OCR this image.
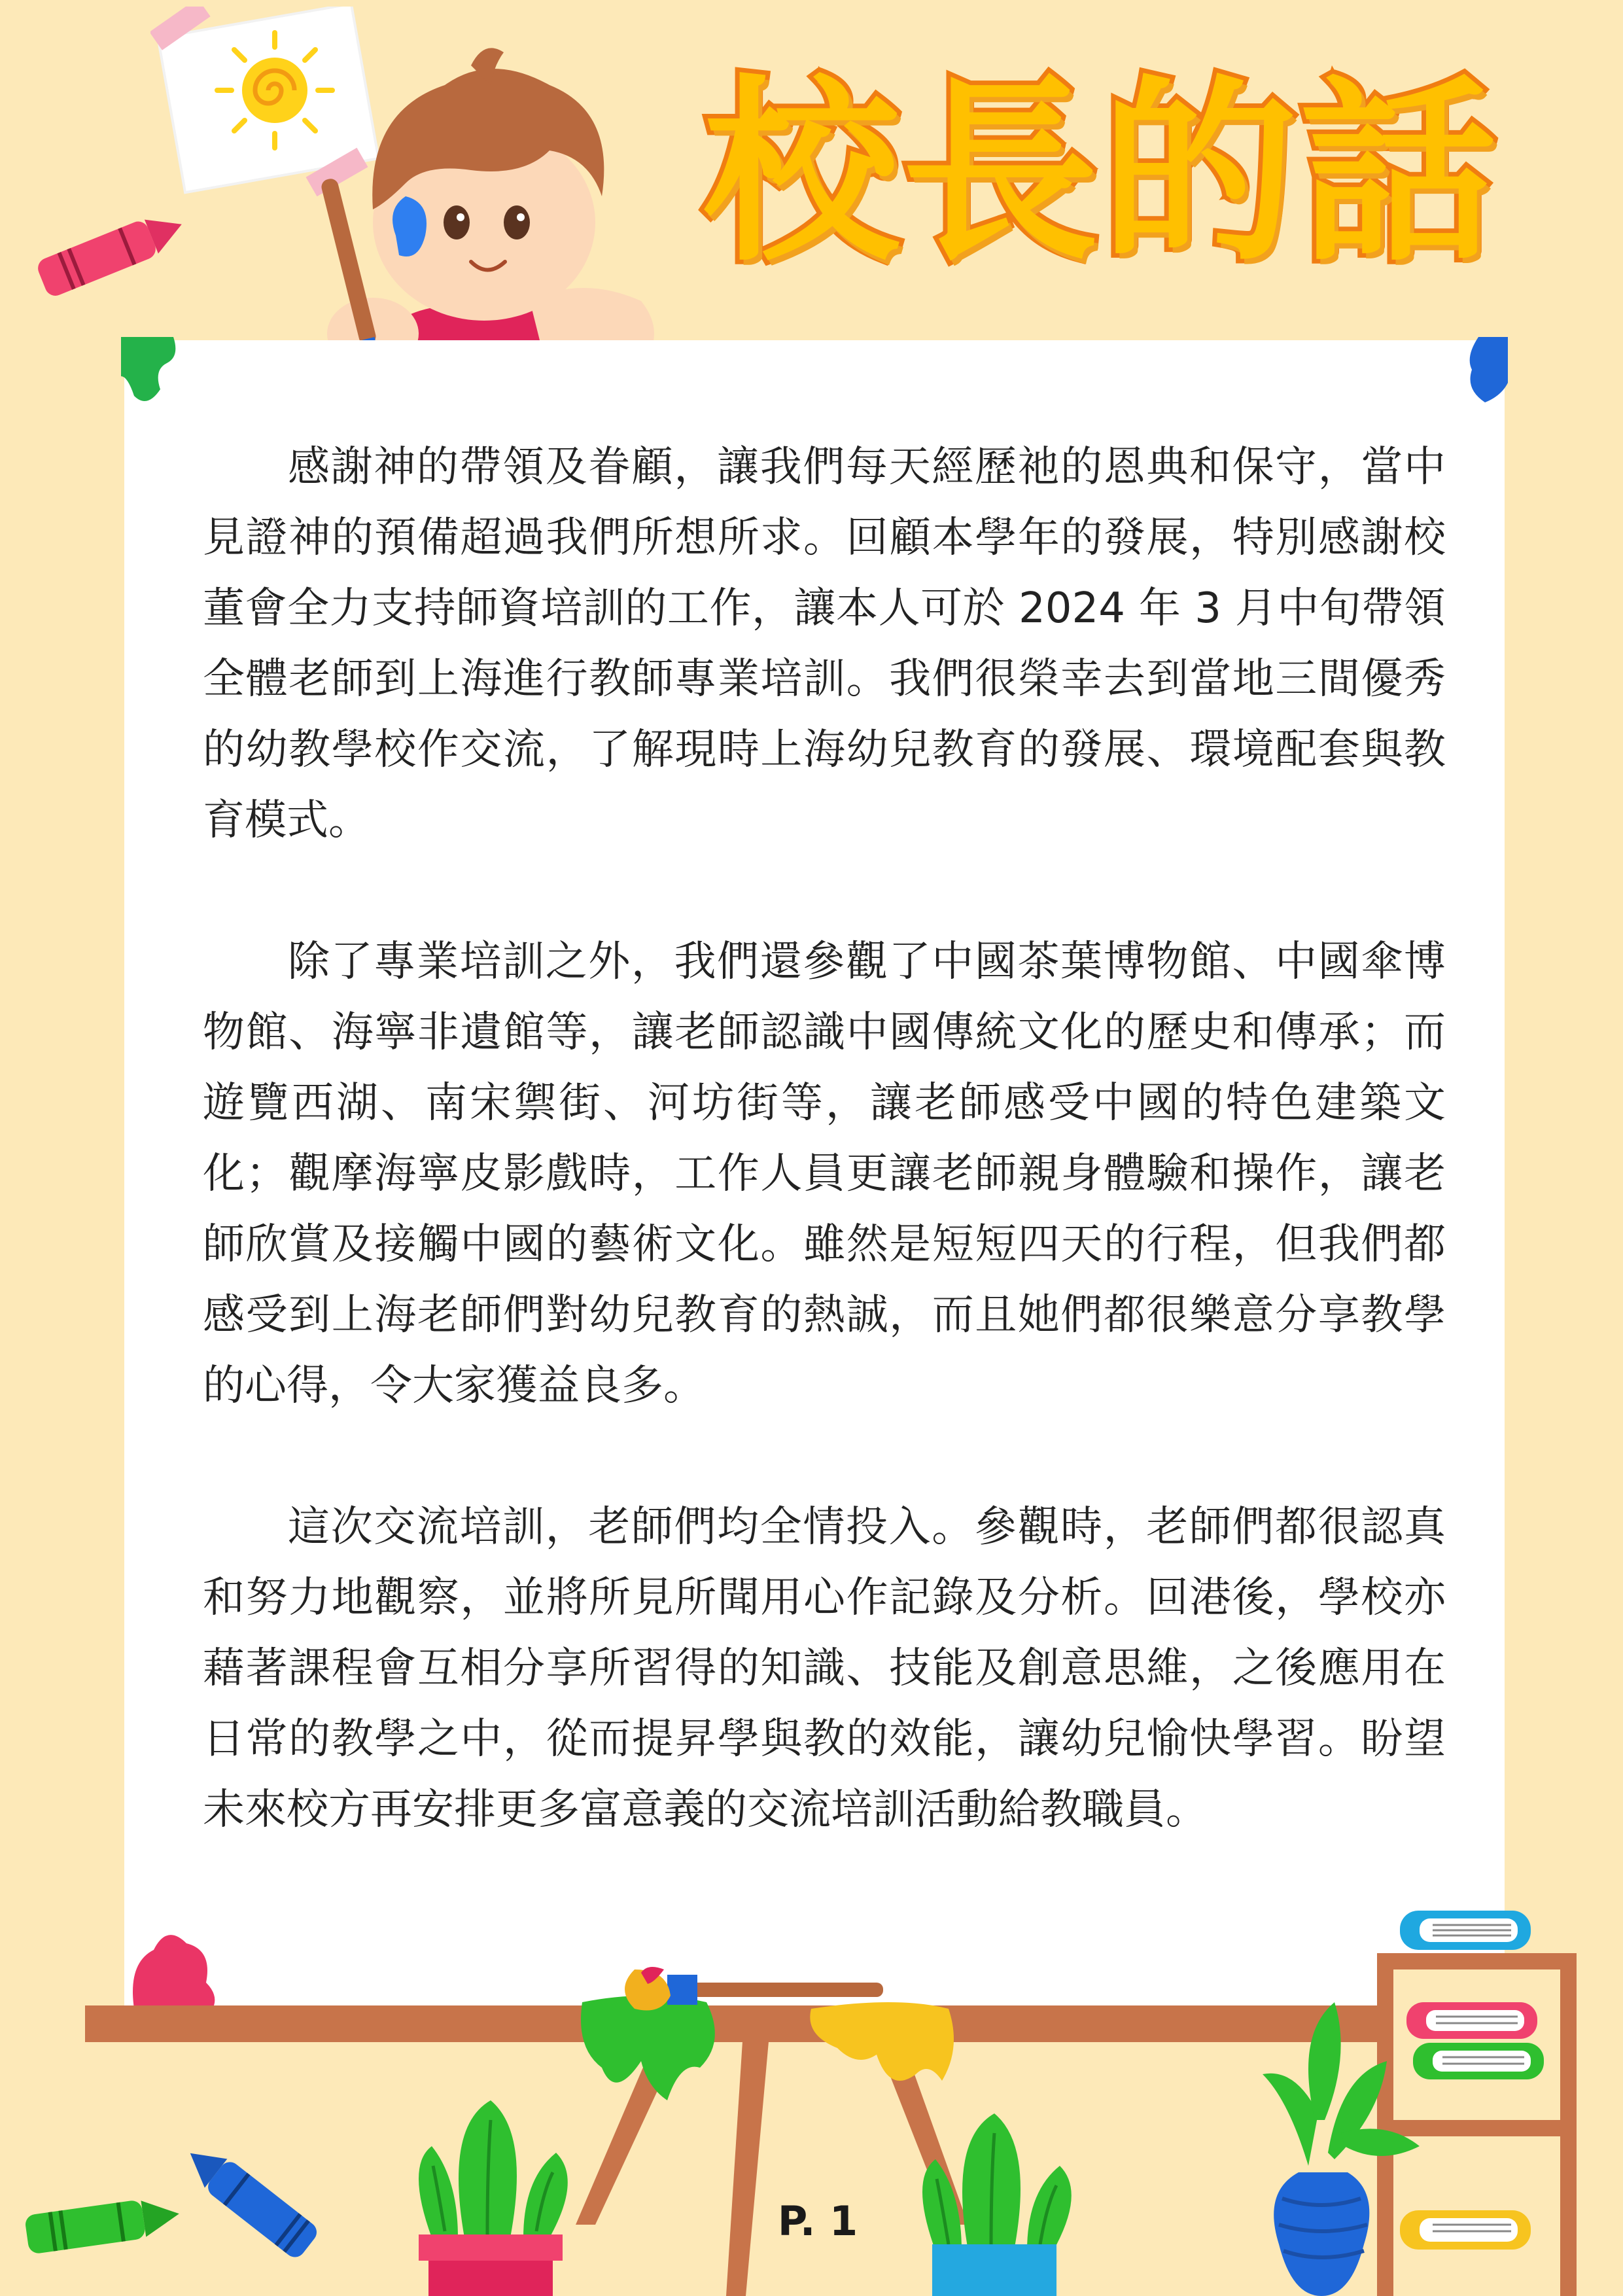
校長的話

感謝神的帶領及眷顧，讓我們每天經歷祂的恩典和保守，當中見證神的預備超過我們所想所求。回顧本學年的發展，特別感謝校董會全力支持師資培訓的工作，讓本人可於 2024 年 3 月中旬帶領全體老師到上海進行教師專業培訓。我們很榮幸去到當地三間優秀的幼教學校作交流，了解現時上海幼兒教育的發展、環境配套與教育模式。

除了專業培訓之外，我們還參觀了中國茶葉博物館、中國傘博物館、海寧非遺館等，讓老師認識中國傳統文化的歷史和傳承；而遊覽西湖、南宋禦街、河坊街等，讓老師感受中國的特色建築文化；觀摩海寧皮影戲時，工作人員更讓老師親身體驗和操作，讓老師欣賞及接觸中國的藝術文化。雖然是短短四天的行程，但我們都感受到上海老師們對幼兒教育的熱誠，而且她們都很樂意分享教學的心得，令大家獲益良多。

這次交流培訓，老師們均全情投入。參觀時，老師們都很認真和努力地觀察，並將所見所聞用心作記錄及分析。回港後，學校亦藉著課程會互相分享所習得的知識、技能及創意思維，之後應用在日常的教學之中，從而提昇學與教的效能，讓幼兒愉快學習。盼望未來校方再安排更多富意義的交流培訓活動給教職員。

P. 1
